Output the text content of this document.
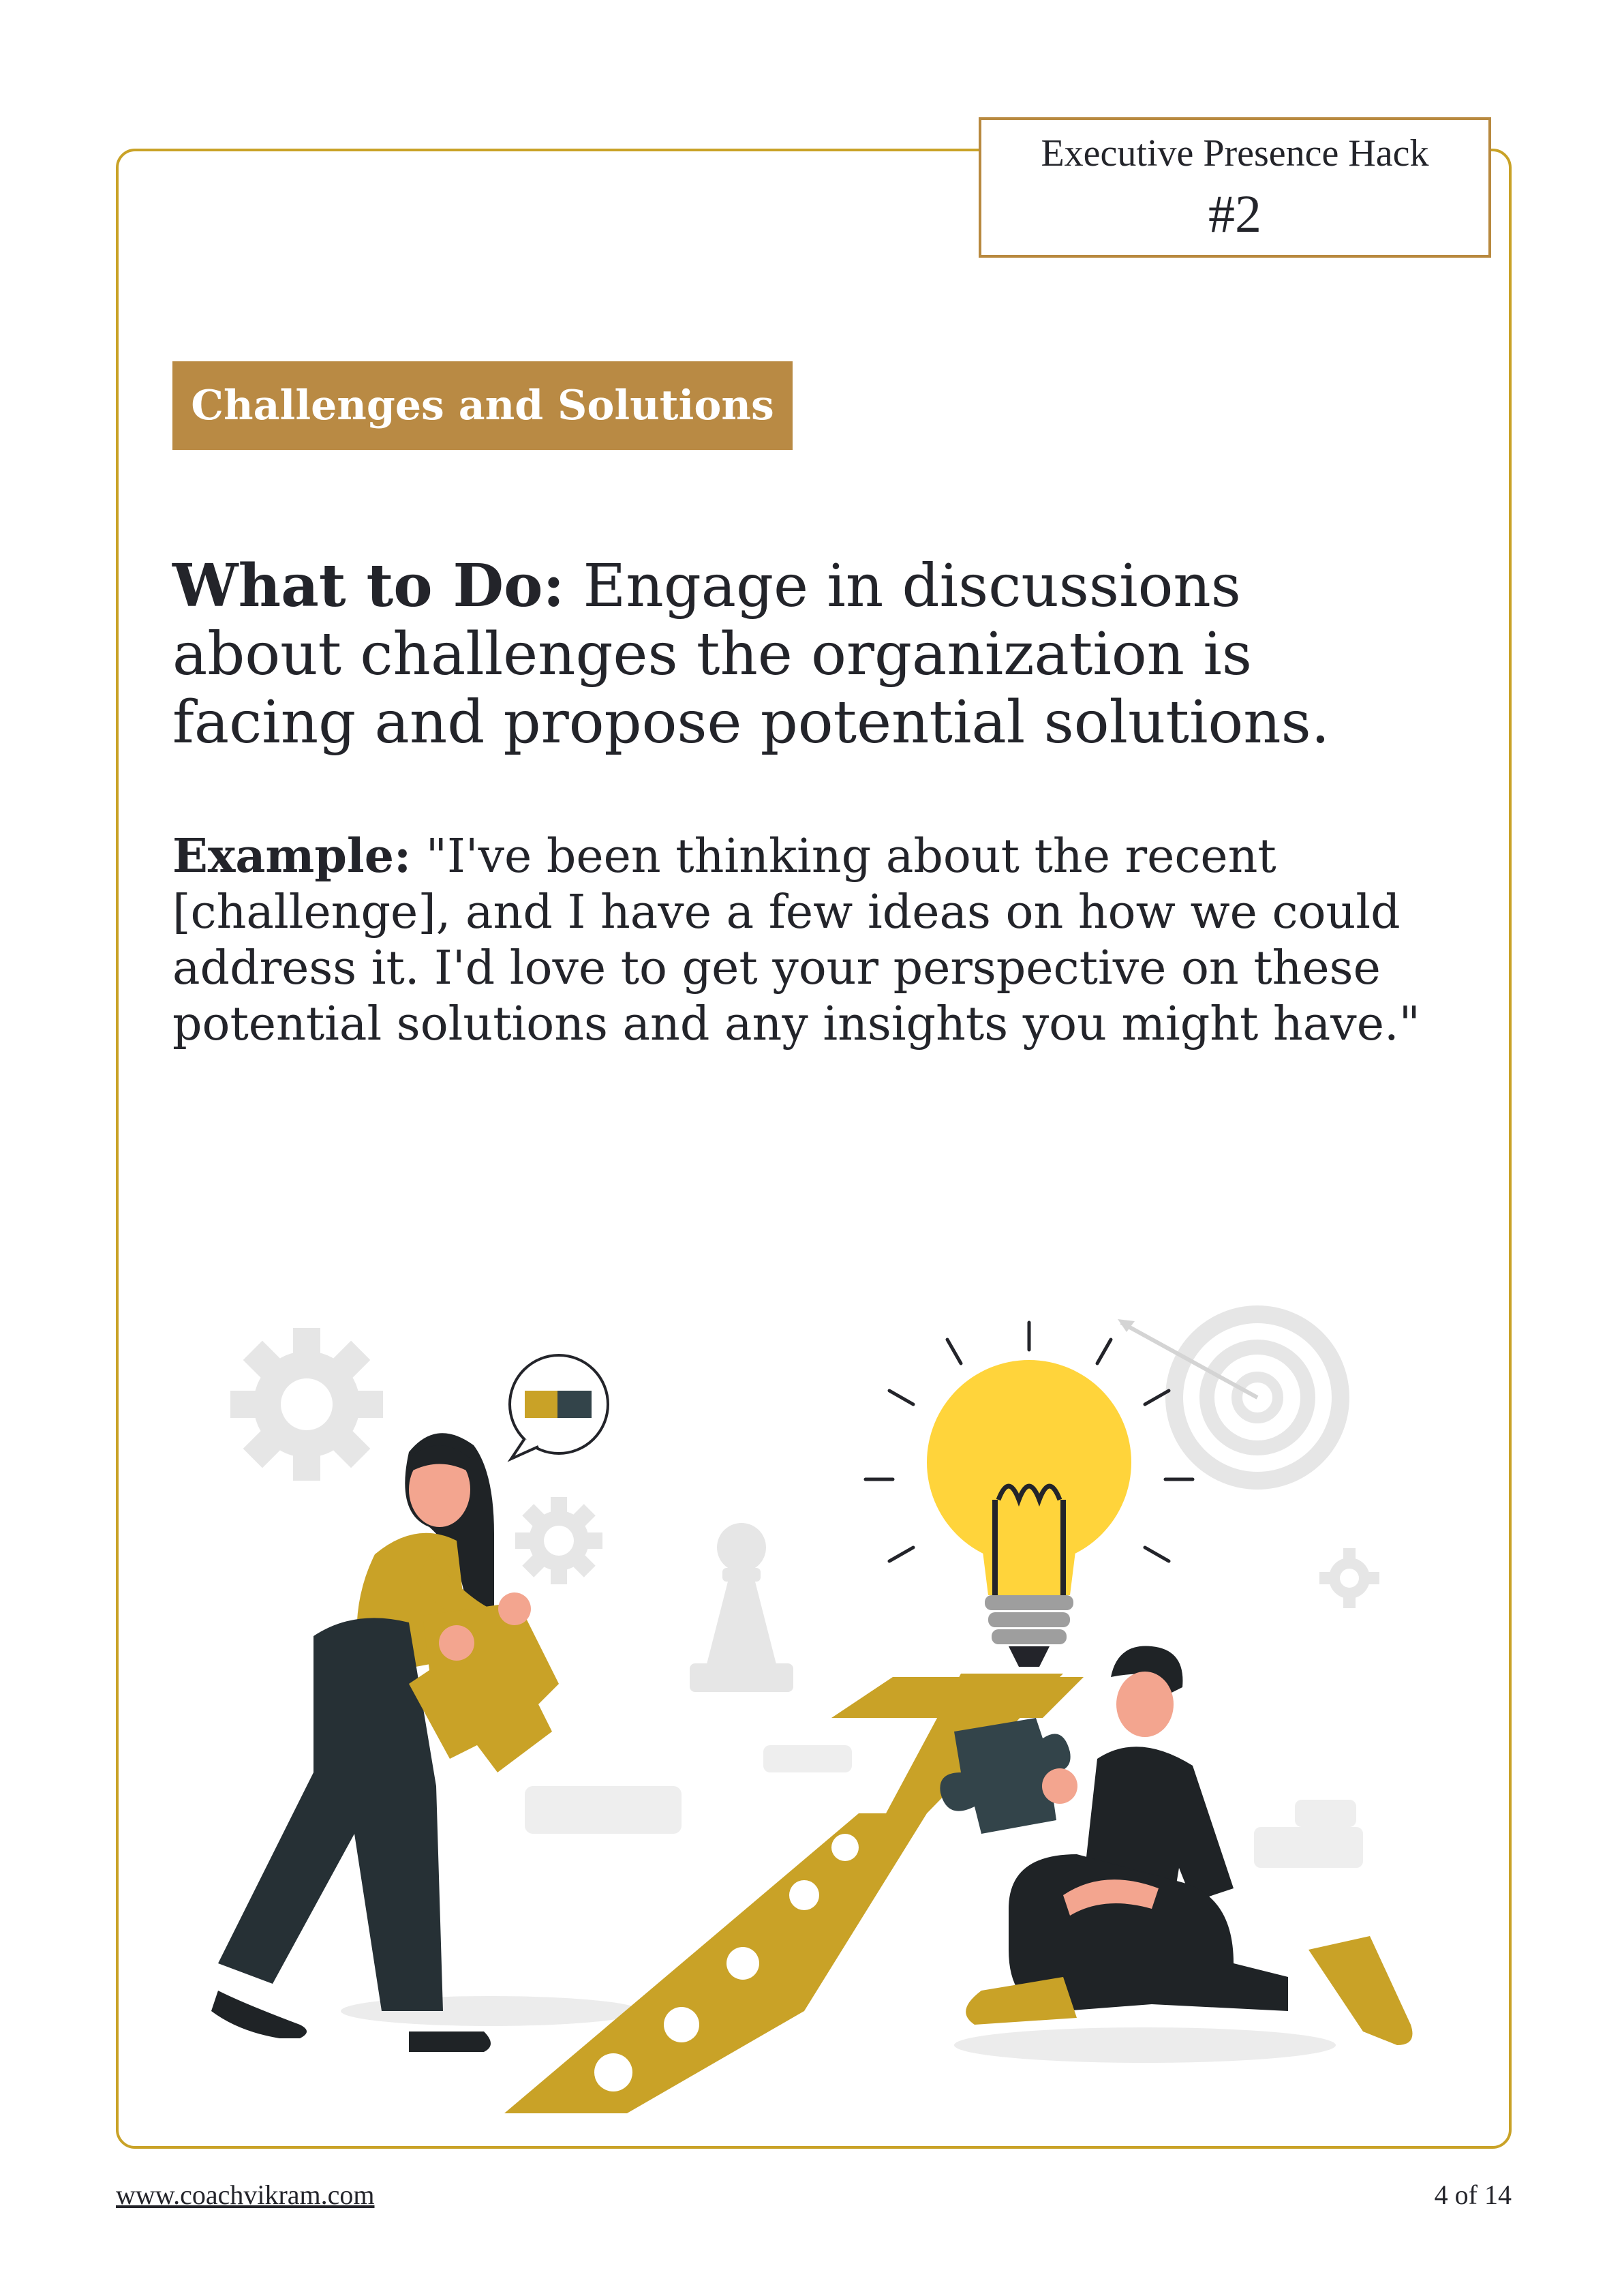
Executive Presence Hack
#2
Challenges and Solutions
What to Do: Engage in discussions about challenges the organization is facing and propose potential solutions.
Example: "I've been thinking about the recent [challenge], and I have a few ideas on how we could address it. I'd love to get your perspective on these potential solutions and any insights you might have."
www.coachvikram.com	4 of 14
